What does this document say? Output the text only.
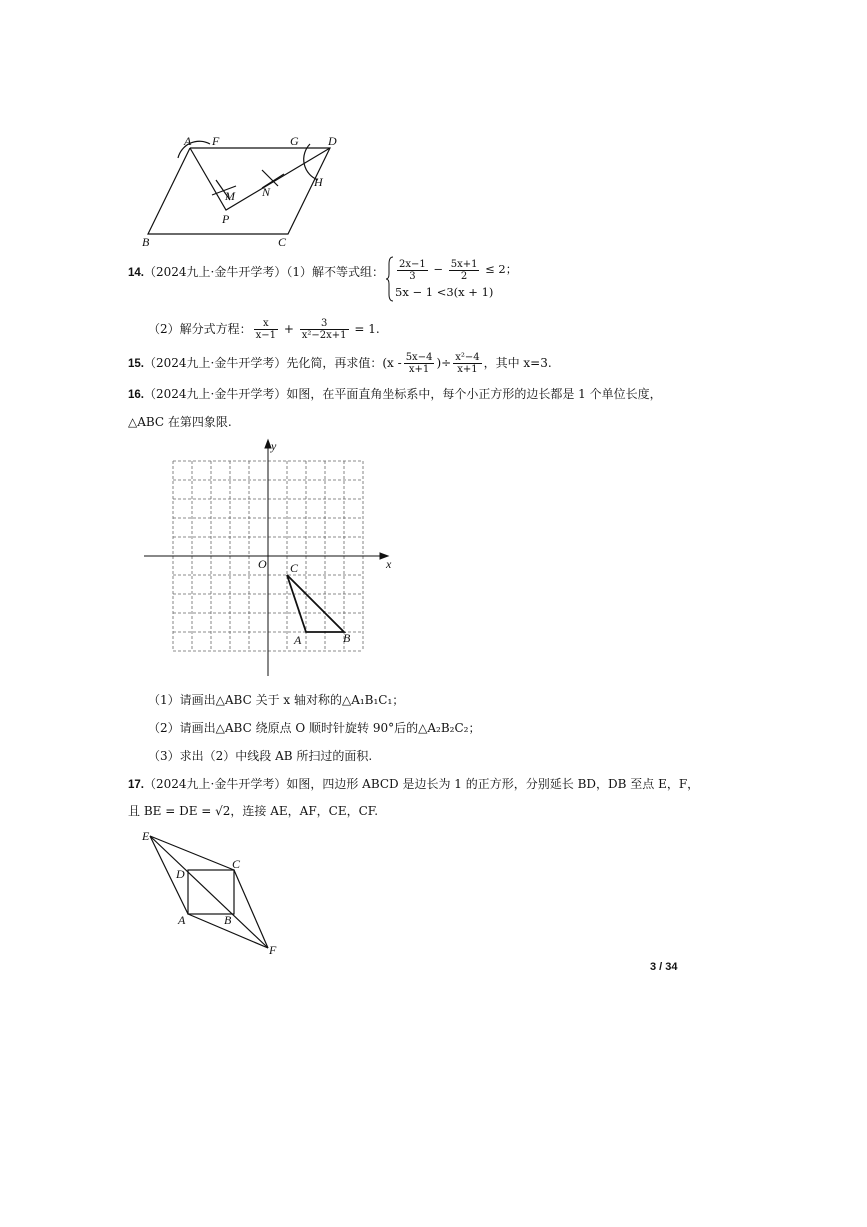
A F	G D
M N
H
P
B	C
14.（2024九上·金牛开学考）（1）解不等式组： $\frac{2x-1}{3} - \frac{5x+1}{2} \le 2$；
5x − 1 <3(x + 1)
（2）解分式方程： $\frac{x}{x-1} + \frac{3}{\text{x²−2x+1}} = 1$.
15.（2024九上·金牛开学考）先化简，再求值：($x - \frac{5x-4}{x+1}$ )÷ $\frac{\text{x²−4}}{x+1}$ ，其中 x=3.
16.（2024九上·金牛开学考）如图，在平面直角坐标系中，每个小正方形的边长都是 1 个单位长度，
△ABC 在第四象限.
x
y
O
A	B
C
（1）请画出△ABC 关于 x 轴对称的△A₁B₁C₁；
（2）请画出△ABC 绕原点 O 顺时针旋转 90°后的△A₂B₂C₂；
（3）求出（2）中线段 AB 所扫过的面积.
17.（2024九上·金牛开学考）如图，四边形 ABCD 是边长为 1 的正方形，分别延长 BD，DB 至点 E，F，
且 BE = DE = √2，连接 AE，AF，CE，CF.
E
C
D
A	B
F
3 / 34
